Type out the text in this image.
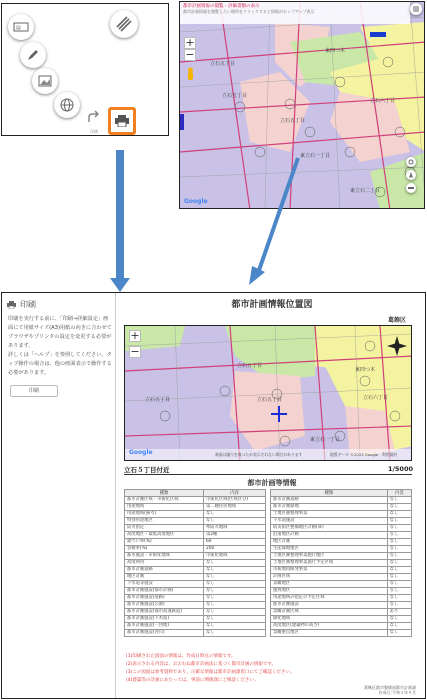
▤
印刷
都市計画情報の閲覧・評価書類の表示
都市計画情報を閲覧したい場所をクリックすると情報がポップアップ表示
+
−
立石五丁目
立石五丁目
立石五丁目
東四つ木
立石六丁目
東立石一丁目
東立石二丁目
Google
印刷
印刷を実行する前に、「印刷→詳細設定」画面にて用紙サイズ(A3)用紙の向きに合わせてブラウザやプリンタの設定を変更する必要があります。
詳しくは「ヘルプ」を参照してください。タップ操作の場合は、他の画面表示で操作する必要があります。
印刷
都市計画情報位置図
葛飾区
+
−
立石五丁目
立石五丁目
立石五丁目
東四つ木
立石六丁目
東立石一丁目
Google	画面は縮尺を保つため表示されない場合があります	地図データ ©2023 Google　利用規約
立石５丁目付近	1/5000
都市計画等情報
種類	内容
都市計画区域・市街化区域	市街化区域(区域区分)
用途地域	第二種住居地域
用途地域(備考)	なし
特別用途地区	なし
防火指定	準防火地域
高度地区・最低高度地区	第2種
建ぺい率(%)	60
容積率(%)	200
都市施設・市街化地域	市街化地域
高度利用	なし
都市計画道路	なし
地区計画	なし
下水道等施設	なし
都市計画施設(都市計画)	なし
都市計画施設(道路)	なし
都市計画施設(公園)	なし
都市計画施設(都市高速鉄道)	なし
都市計画施設(下水道)	なし
都市計画施設(一団地)	なし
都市計画施設(河川)	なし
種類	内容
都市計画道路	なし
都市計画緑地	なし
土地区画整理事業	なし
下水道施設	なし
防災街区整備地区計画(ゆ)	なし
沿道地区計画	なし
地区計画	なし
生産緑地地区	なし
土地区画整理事業施行地区	なし
土地区画整理事業施行予定区域	なし
市街地再開発事業	なし
計画区域	なし
景観地区	なし
風致地区	なし
用途地域の指定の予定区域	なし
都市計画施設	なし
景観計画区域	あり
緑化地域	なし
高度地区(建築物の高さ)	なし
景観重点地区	なし
(1)印刷された図面の情報は、作成日時点の情報です。
(2)表示される内容は、おおむね都市計画法に基づく都市計画の情報です。
(3)この図面は参考資料であり、正確な情報は都市計画課窓口にてご確認ください。
(4)建築等の計画にあたっては、事前に関係課にご相談ください。
葛飾区都市整備部都市計画課
作成日:令和５年９月
